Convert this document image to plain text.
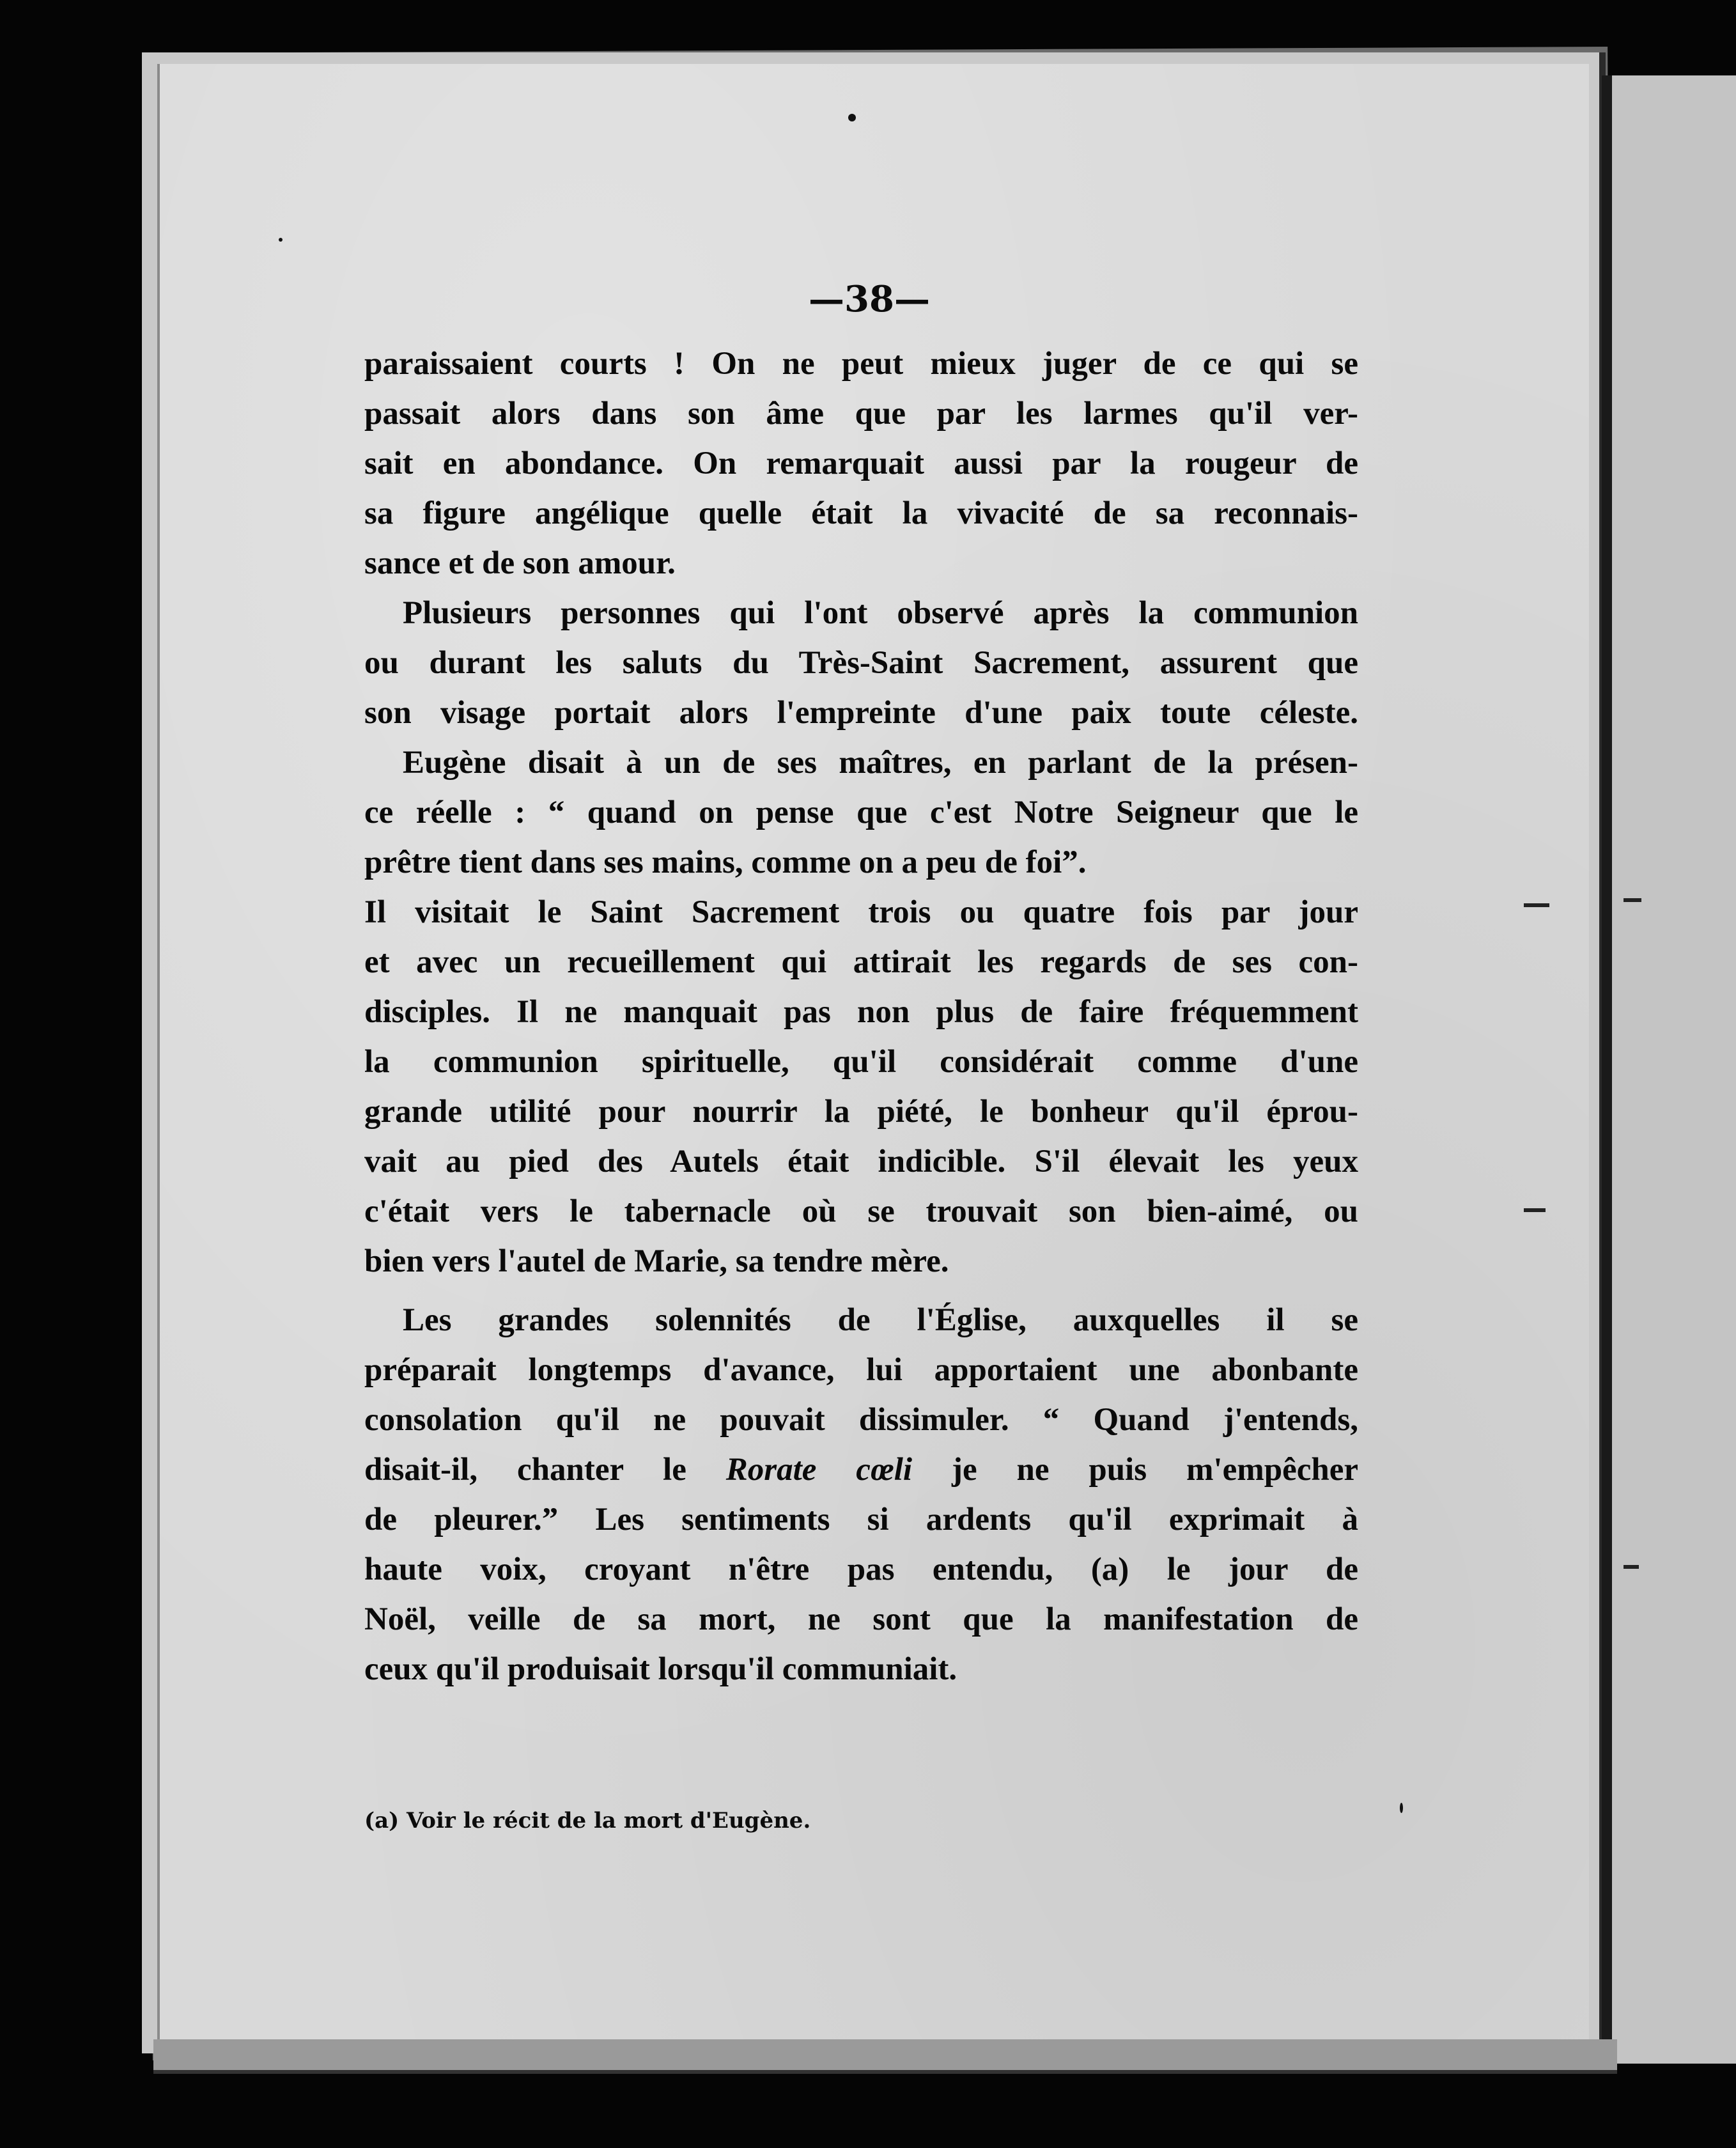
—38—
paraissaient courts ! On ne peut mieux juger de ce qui se
passait alors dans son âme que par les larmes qu'il ver-
sait en abondance. On remarquait aussi par la rougeur de
sa figure angélique quelle était la vivacité de sa reconnais-
sance et de son amour.
Plusieurs personnes qui l'ont observé après la communion
ou durant les saluts du Très-Saint Sacrement, assurent que
son visage portait alors l'empreinte d'une paix toute céleste.
Eugène disait à un de ses maîtres, en parlant de la présen-
ce réelle : “ quand on pense que c'est Notre Seigneur que le
prêtre tient dans ses mains, comme on a peu de foi”.
Il visitait le Saint Sacrement trois ou quatre fois par jour
et avec un recueillement qui attirait les regards de ses con-
disciples. Il ne manquait pas non plus de faire fréquemment
la communion spirituelle, qu'il considérait comme d'une
grande utilité pour nourrir la piété, le bonheur qu'il éprou-
vait au pied des Autels était indicible. S'il élevait les yeux
c'était vers le tabernacle où se trouvait son bien-aimé, ou
bien vers l'autel de Marie, sa tendre mère.
Les grandes solennités de l'Église, auxquelles il se
préparait longtemps d'avance, lui apportaient une abonbante
consolation qu'il ne pouvait dissimuler. “ Quand j'entends,
disait-il, chanter le Rorate cœli je ne puis m'empêcher
de pleurer.” Les sentiments si ardents qu'il exprimait à
haute voix, croyant n'être pas entendu, (a) le jour de
Noël, veille de sa mort, ne sont que la manifestation de
ceux qu'il produisait lorsqu'il communiait.
(a) Voir le récit de la mort d'Eugène.
